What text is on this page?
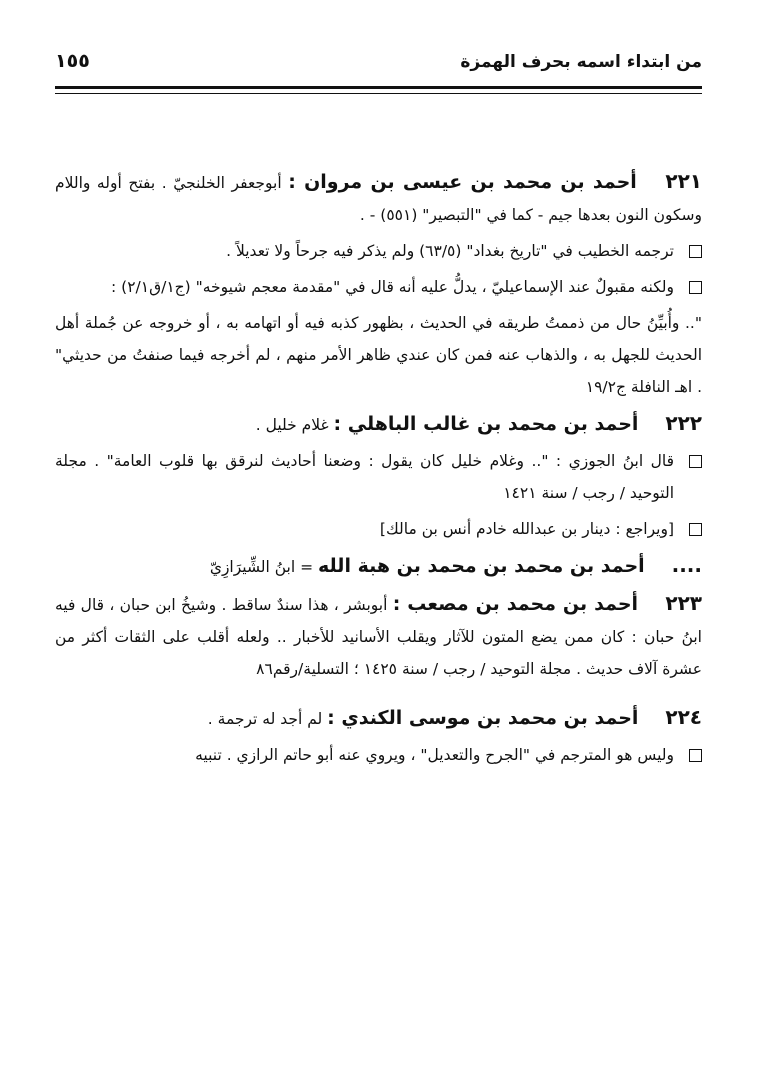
من ابتداء اسمه بحرف الهمزة
١٥٥
٢٢١ أحمد بن محمد بن عيسى بن مروان : أبوجعفر الخلنجيّ . بفتح أوله واللام وسكون النون بعدها جيم - كما في "التبصير" (٥٥١) - .
ترجمه الخطيب في "تاريخ بغداد" (٦٣/٥) ولم يذكر فيه جرحاً ولا تعديلاً .
ولكنه مقبولٌ عند الإسماعيليّ ، يدلُّ عليه أنه قال في "مقدمة معجم شيوخه" (ج١/ق٢/١) :
".. وأُبيِّنُ حال من ذممتُ طريقه في الحديث ، بظهور كذبه فيه أو اتهامه به ، أو خروجه عن جُملة أهل الحديث للجهل به ، والذهاب عنه فمن كان عندي ظاهر الأمر منهم ، لم أخرجه فيما صنفتُ من حديثي" . اهـ النافلة ج١٩/٢
٢٢٢ أحمد بن محمد بن غالب الباهلي : غلام خليل .
قال ابنُ الجوزي : ".. وغلام خليل كان يقول : وضعنا أحاديث لنرقق بها قلوب العامة" . مجلة التوحيد / رجب / سنة ١٤٢١
[ويراجع : دينار بن عبدالله خادم أنس بن مالك]
.... أحمد بن محمد بن محمد بن هبة الله = ابنُ الشِّيرَازِيّ
٢٢٣ أحمد بن محمد بن مصعب : أبوبشر ، هذا سندٌ ساقط . وشيخُ ابن حبان ، قال فيه ابنُ حبان : كان ممن يضع المتون للآثار ويقلب الأسانيد للأخبار .. ولعله أقلب على الثقات أكثر من عشرة آلاف حديث . مجلة التوحيد / رجب / سنة ١٤٢٥ ؛ التسلية/رقم٨٦
٢٢٤ أحمد بن محمد بن موسى الكندي : لم أجد له ترجمة .
وليس هو المترجم في "الجرح والتعديل" ، ويروي عنه أبو حاتم الرازي . تنبيه
